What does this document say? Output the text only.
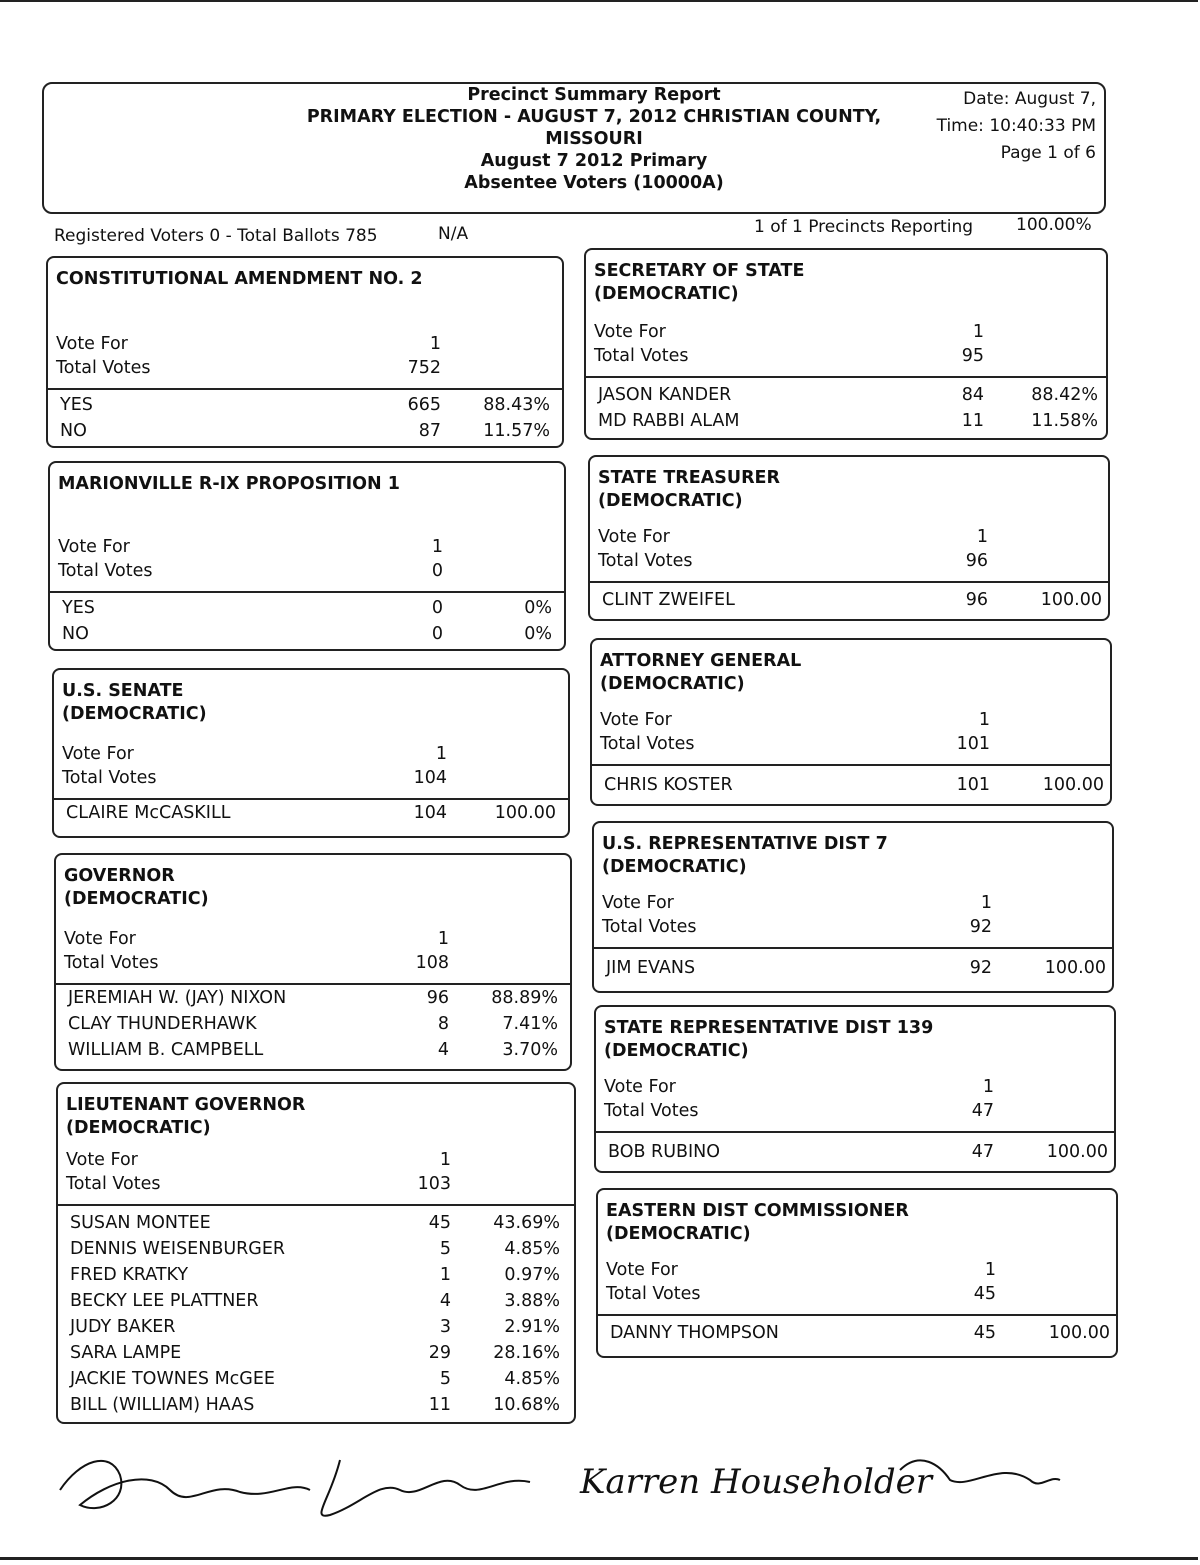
Precinct Summary Report
PRIMARY ELECTION - AUGUST 7, 2012 CHRISTIAN COUNTY,
MISSOURI
August 7 2012 Primary
Absentee Voters (10000A)
Date: August 7,
Time: 10:40:33 PM
Page 1 of 6
Registered Voters 0 - Total Ballots 785	N/A	1 of 1 Precincts Reporting	100.00%
CONSTITUTIONAL AMENDMENT NO. 2
Vote For	1
Total Votes	752
YES	665	88.43%
NO	87	11.57%
MARIONVILLE R-IX PROPOSITION 1
Vote For	1
Total Votes	0
YES	0	0%
NO	0	0%
U.S. SENATE
(DEMOCRATIC)
Vote For	1
Total Votes	104
CLAIRE McCASKILL	104	100.00
GOVERNOR
(DEMOCRATIC)
Vote For	1
Total Votes	108
JEREMIAH W. (JAY) NIXON	96	88.89%
CLAY THUNDERHAWK	8	7.41%
WILLIAM B. CAMPBELL	4	3.70%
LIEUTENANT GOVERNOR
(DEMOCRATIC)
Vote For	1
Total Votes	103
SUSAN MONTEE	45	43.69%
DENNIS WEISENBURGER	5	4.85%
FRED KRATKY	1	0.97%
BECKY LEE PLATTNER	4	3.88%
JUDY BAKER	3	2.91%
SARA LAMPE	29	28.16%
JACKIE TOWNES McGEE	5	4.85%
BILL (WILLIAM) HAAS	11	10.68%
SECRETARY OF STATE
(DEMOCRATIC)
Vote For	1
Total Votes	95
JASON KANDER	84	88.42%
MD RABBI ALAM	11	11.58%
STATE TREASURER
(DEMOCRATIC)
Vote For	1
Total Votes	96
CLINT ZWEIFEL	96	100.00
ATTORNEY GENERAL
(DEMOCRATIC)
Vote For	1
Total Votes	101
CHRIS KOSTER	101	100.00
U.S. REPRESENTATIVE DIST 7
(DEMOCRATIC)
Vote For	1
Total Votes	92
JIM EVANS	92	100.00
STATE REPRESENTATIVE DIST 139
(DEMOCRATIC)
Vote For	1
Total Votes	47
BOB RUBINO	47	100.00
EASTERN DIST COMMISSIONER
(DEMOCRATIC)
Vote For	1
Total Votes	45
DANNY THOMPSON	45	100.00
Karren Householder
